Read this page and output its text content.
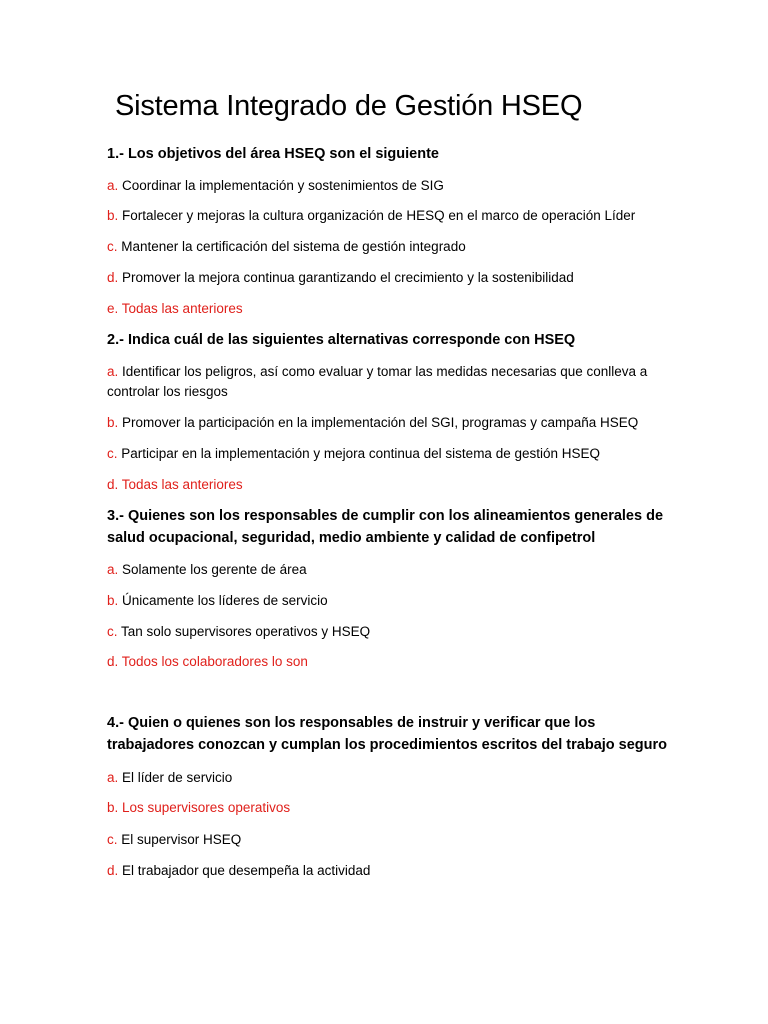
Sistema Integrado de Gestión HSEQ

1.- Los objetivos del área HSEQ son el siguiente

a. Coordinar la implementación y sostenimientos de SIG

b. Fortalecer y mejoras la cultura organización de HESQ en el marco de operación Líder

c. Mantener la certificación del sistema de gestión integrado

d. Promover la mejora continua garantizando el crecimiento y la sostenibilidad

e. Todas las anteriores

2.- Indica cuál de las siguientes alternativas corresponde con HSEQ

a. Identificar los peligros, así como evaluar y tomar las medidas necesarias que conlleva a controlar los riesgos

b. Promover la participación en la implementación del SGI, programas y campaña HSEQ

c. Participar en la implementación y mejora continua del sistema de gestión HSEQ

d. Todas las anteriores

3.- Quienes son los responsables de cumplir con los alineamientos generales de salud ocupacional, seguridad, medio ambiente y calidad de confipetrol

a. Solamente los gerente de área

b. Únicamente los líderes de servicio

c. Tan solo supervisores operativos y HSEQ

d. Todos los colaboradores lo son

4.- Quien o quienes son los responsables de instruir y verificar que los trabajadores conozcan y cumplan los procedimientos escritos del trabajo seguro

a. El líder de servicio

b. Los supervisores operativos

c. El supervisor HSEQ

d. El trabajador que desempeña la actividad
